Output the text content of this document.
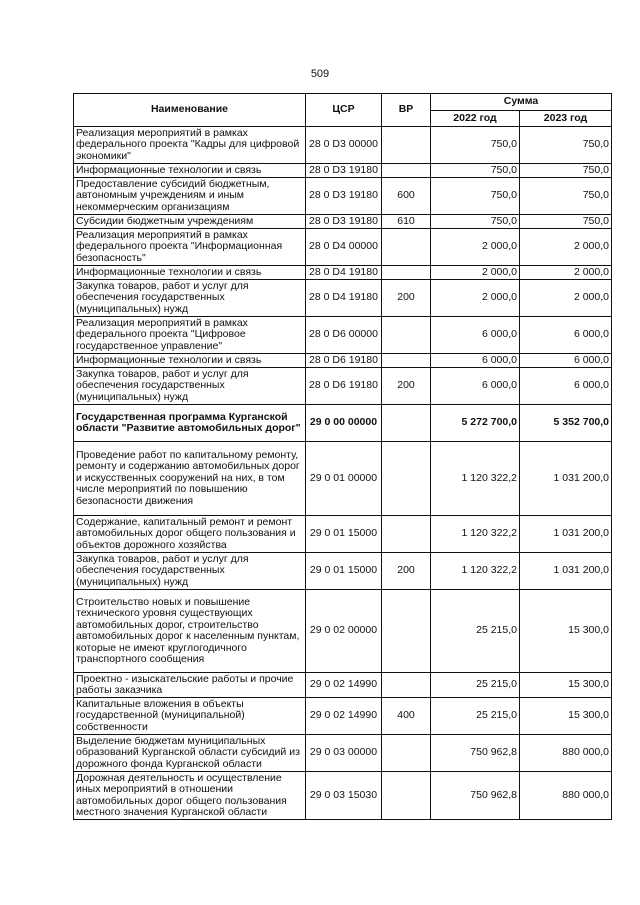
509
Наименование	ЦСР	ВР	Сумма	
			2022 год	2023 год
Реализация мероприятий в рамках федерального проекта "Кадры для цифровой экономики"	28 0 D3 00000		750,0	750,0
Информационные технологии и связь	28 0 D3 19180		750,0	750,0
Предоставление субсидий бюджетным, автономным учреждениям и иным некоммерческим организациям	28 0 D3 19180	600	750,0	750,0
Субсидии бюджетным учреждениям	28 0 D3 19180	610	750,0	750,0
Реализация мероприятий в рамках федерального проекта "Информационная безопасность"	28 0 D4 00000		2 000,0	2 000,0
Информационные технологии и связь	28 0 D4 19180		2 000,0	2 000,0
Закупка товаров, работ и услуг для обеспечения государственных (муниципальных) нужд	28 0 D4 19180	200	2 000,0	2 000,0
Реализация мероприятий в рамках федерального проекта "Цифровое государственное управление"	28 0 D6 00000		6 000,0	6 000,0
Информационные технологии и связь	28 0 D6 19180		6 000,0	6 000,0
Закупка товаров, работ и услуг для обеспечения государственных (муниципальных) нужд	28 0 D6 19180	200	6 000,0	6 000,0
Государственная программа Курганской области "Развитие автомобильных дорог"	29 0 00 00000		5 272 700,0	5 352 700,0
Проведение работ по капитальному ремонту, ремонту и содержанию автомобильных дорог и искусственных сооружений на них, в том числе мероприятий по повышению безопасности движения	29 0 01 00000		1 120 322,2	1 031 200,0
Содержание, капитальный ремонт и ремонт автомобильных дорог общего пользования и объектов дорожного хозяйства	29 0 01 15000		1 120 322,2	1 031 200,0
Закупка товаров, работ и услуг для обеспечения государственных (муниципальных) нужд	29 0 01 15000	200	1 120 322,2	1 031 200,0
Строительство новых и повышение технического уровня существующих автомобильных дорог, строительство автомобильных дорог к населенным пунктам, которые не имеют круглогодичного транспортного сообщения	29 0 02 00000		25 215,0	15 300,0
Проектно - изыскательские работы и прочие работы заказчика	29 0 02 14990		25 215,0	15 300,0
Капитальные вложения в объекты государственной (муниципальной) собственности	29 0 02 14990	400	25 215,0	15 300,0
Выделение бюджетам муниципальных образований Курганской области субсидий из дорожного фонда Курганской области	29 0 03 00000		750 962,8	880 000,0
Дорожная деятельность и осуществление иных мероприятий в отношении автомобильных дорог общего пользования местного значения Курганской области	29 0 03 15030		750 962,8	880 000,0
